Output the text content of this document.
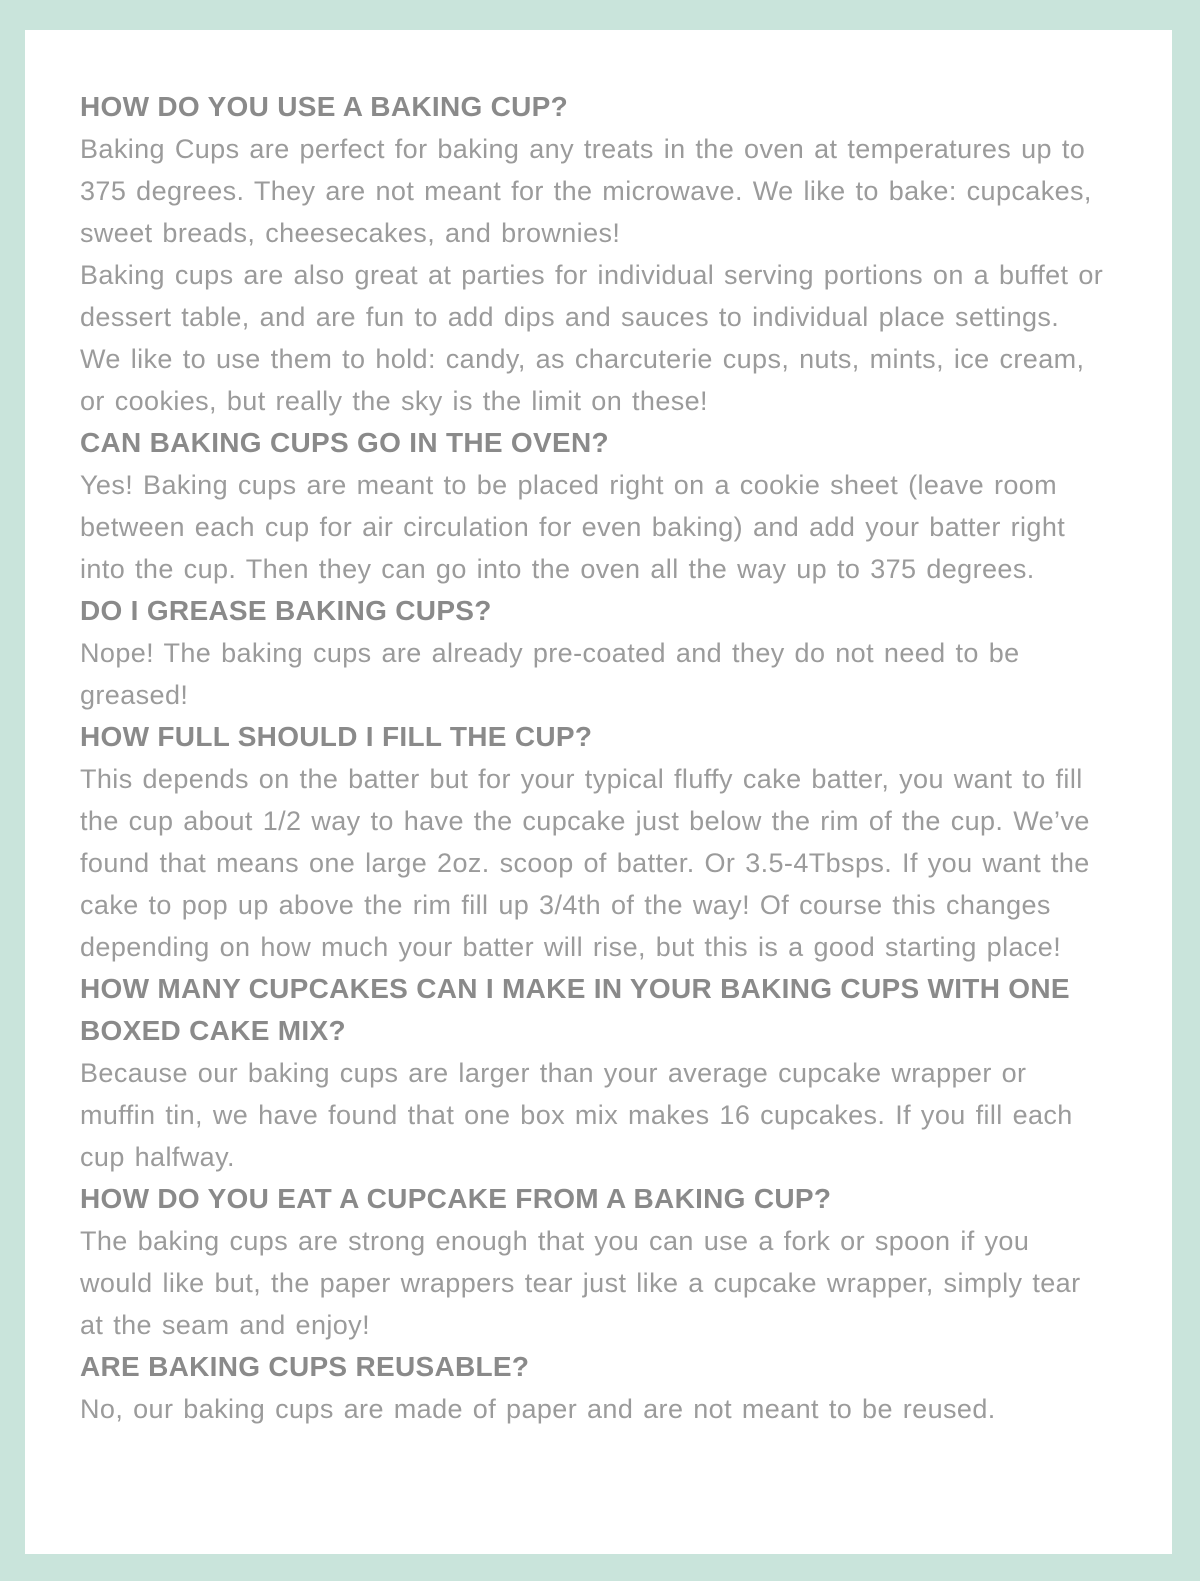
HOW DO YOU USE A BAKING CUP?

Baking Cups are perfect for baking any treats in the oven at temperatures up to 375 degrees. They are not meant for the microwave. We like to bake: cupcakes, sweet breads, cheesecakes, and brownies!

Baking cups are also great at parties for individual serving portions on a buffet or dessert table, and are fun to add dips and sauces to individual place settings. We like to use them to hold: candy, as charcuterie cups, nuts, mints, ice cream, or cookies, but really the sky is the limit on these!

CAN BAKING CUPS GO IN THE OVEN?

Yes! Baking cups are meant to be placed right on a cookie sheet (leave room between each cup for air circulation for even baking) and add your batter right into the cup. Then they can go into the oven all the way up to 375 degrees.

DO I GREASE BAKING CUPS?

Nope! The baking cups are already pre-coated and they do not need to be greased!

HOW FULL SHOULD I FILL THE CUP?

This depends on the batter but for your typical fluffy cake batter, you want to fill the cup about 1/2 way to have the cupcake just below the rim of the cup. We’ve found that means one large 2oz. scoop of batter. Or 3.5-4Tbsps. If you want the cake to pop up above the rim fill up 3/4th of the way! Of course this changes depending on how much your batter will rise, but this is a good starting place!

HOW MANY CUPCAKES CAN I MAKE IN YOUR BAKING CUPS WITH ONE BOXED CAKE MIX?

Because our baking cups are larger than your average cupcake wrapper or muffin tin, we have found that one box mix makes 16 cupcakes. If you fill each cup halfway.

HOW DO YOU EAT A CUPCAKE FROM A BAKING CUP?

The baking cups are strong enough that you can use a fork or spoon if you would like but, the paper wrappers tear just like a cupcake wrapper, simply tear at the seam and enjoy!

ARE BAKING CUPS REUSABLE?

No, our baking cups are made of paper and are not meant to be reused.
